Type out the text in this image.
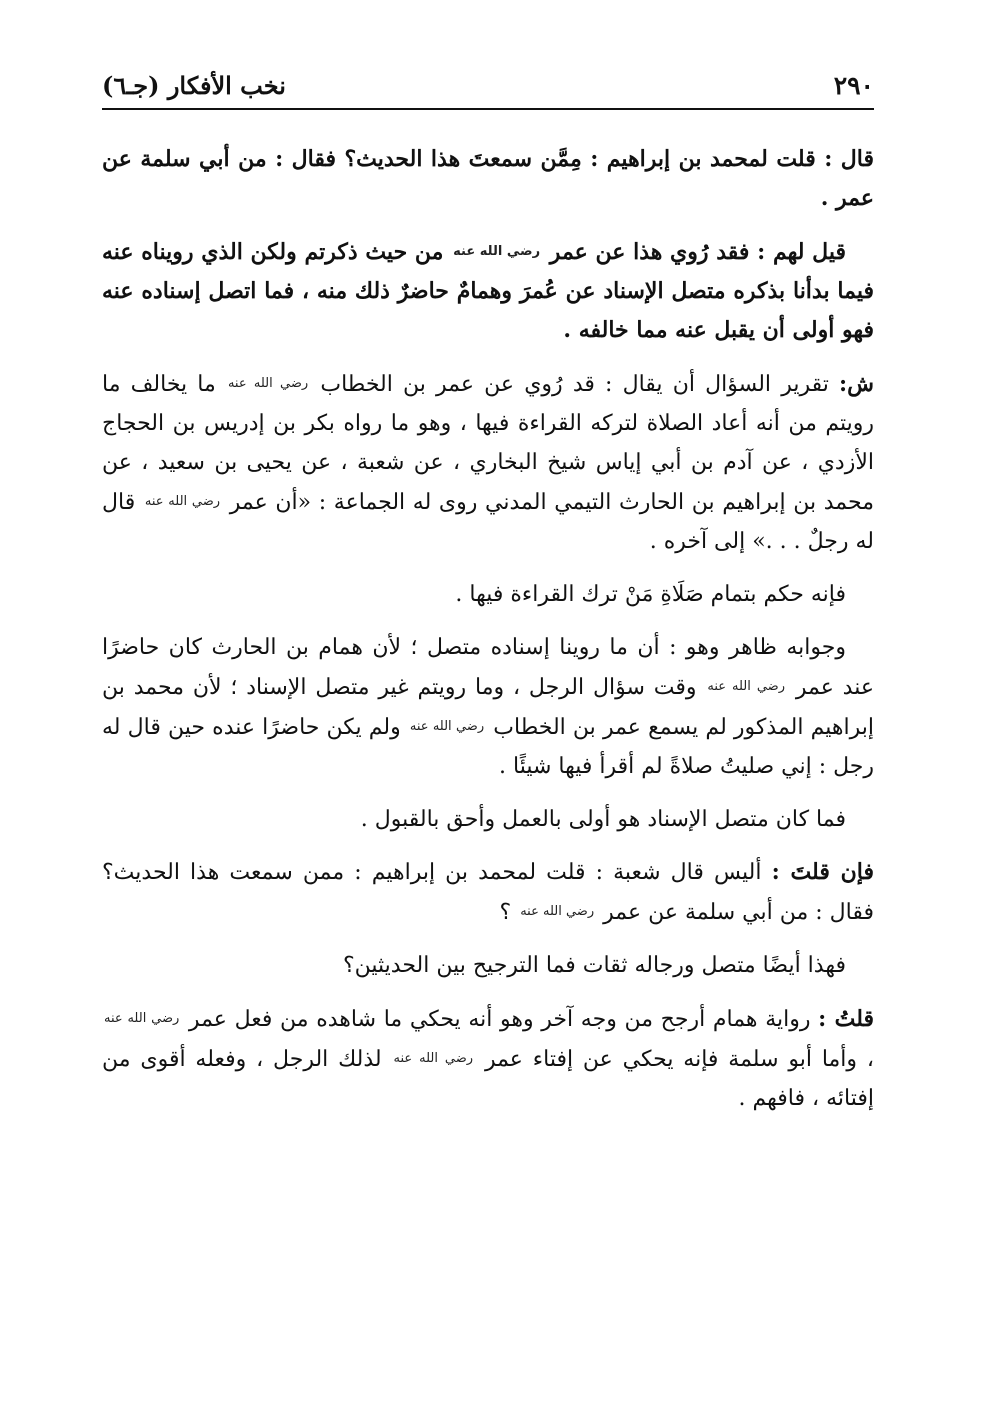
٢٩٠
نخب الأفكار (جـ٦)

قال : قلت لمحمد بن إبراهيم : مِمَّن سمعتَ هذا الحديث؟ فقال : من أبي سلمة عن عمر .

قيل لهم : فقد رُوي هذا عن عمر رضي الله عنه من حيث ذكرتم ولكن الذي رويناه عنه فيما بدأنا بذكره متصل الإسناد عن عُمرَ وهمامٌ حاضرٌ ذلك منه ، فما اتصل إسناده عنه فهو أولى أن يقبل عنه مما خالفه .

ش: تقرير السؤال أن يقال : قد رُوي عن عمر بن الخطاب رضي الله عنه ما يخالف ما رويتم من أنه أعاد الصلاة لتركه القراءة فيها ، وهو ما رواه بكر بن إدريس بن الحجاج الأزدي ، عن آدم بن أبي إياس شيخ البخاري ، عن شعبة ، عن يحيى بن سعيد ، عن محمد بن إبراهيم بن الحارث التيمي المدني روى له الجماعة : «أن عمر رضي الله عنه قال له رجلٌ . . .» إلى آخره .

فإنه حكم بتمام صَلَاةِ مَنْ ترك القراءة فيها .

وجوابه ظاهر وهو : أن ما روينا إسناده متصل ؛ لأن همام بن الحارث كان حاضرًا عند عمر رضي الله عنه وقت سؤال الرجل ، وما رويتم غير متصل الإسناد ؛ لأن محمد بن إبراهيم المذكور لم يسمع عمر بن الخطاب رضي الله عنه ولم يكن حاضرًا عنده حين قال له رجل : إني صليتُ صلاةً لم أقرأ فيها شيئًا .

فما كان متصل الإسناد هو أولى بالعمل وأحق بالقبول .

فإن قلتَ : أليس قال شعبة : قلت لمحمد بن إبراهيم : ممن سمعت هذا الحديث؟ فقال : من أبي سلمة عن عمر رضي الله عنه ؟

فهذا أيضًا متصل ورجاله ثقات فما الترجيح بين الحديثين؟

قلتُ : رواية همام أرجح من وجه آخر وهو أنه يحكي ما شاهده من فعل عمر رضي الله عنه ، وأما أبو سلمة فإنه يحكي عن إفتاء عمر رضي الله عنه لذلك الرجل ، وفعله أقوى من إفتائه ، فافهم .
